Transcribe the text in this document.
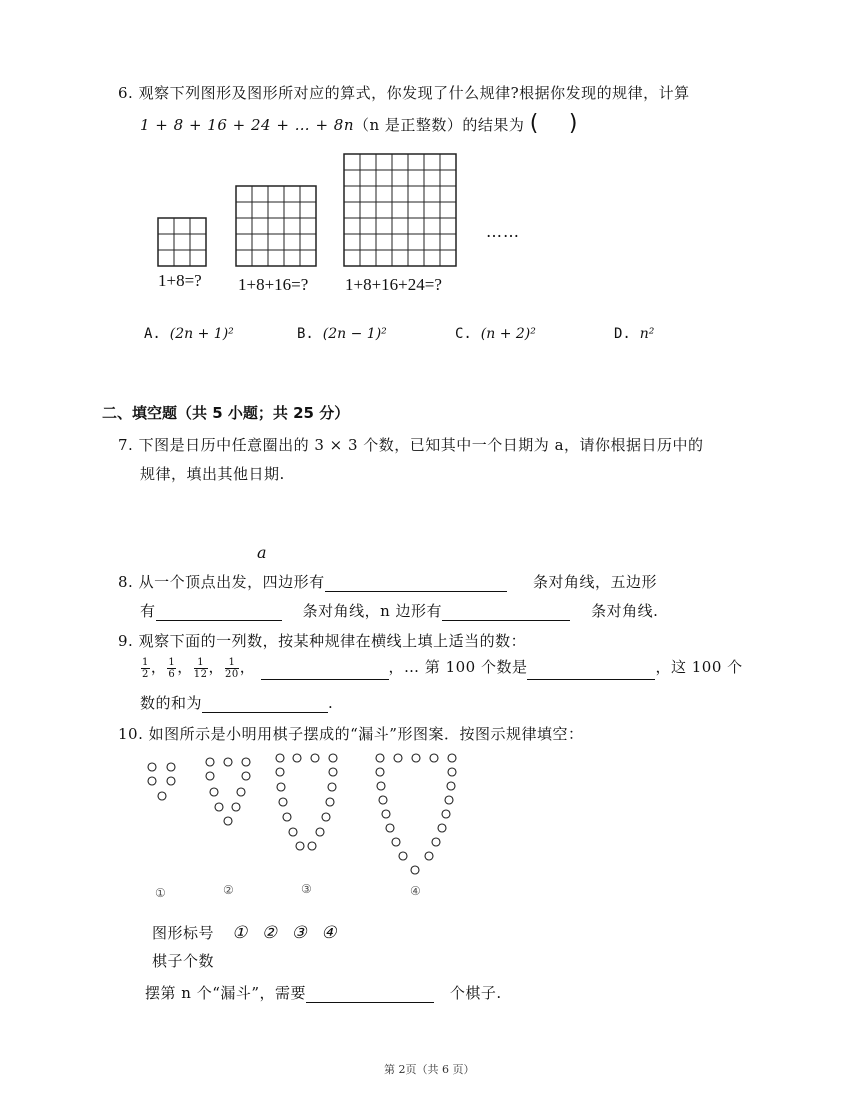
6. 观察下列图形及图形所对应的算式，你发现了什么规律?根据你发现的规律，计算
1 + 8 + 16 + 24 + … + 8n（n 是正整数）的结果为 ( )
……
1+8=? 1+8+16=? 1+8+16+24=?
A. (2n + 1)²	B. (2n − 1)²	C. (n + 2)²	D. n²
二、填空题（共 5 小题；共 25 分）
7. 下图是日历中任意圈出的 3 × 3 个数，已知其中一个日期为 a，请你根据日历中的
规律，填出其他日期.
a
8. 从一个顶点出发，四边形有	条对角线，五边形
有	条对角线，n 边形有	条对角线.
9. 观察下面的一列数，按某种规律在横线上填上适当的数：
$\frac{1}{2}$ ， $\frac{1}{6}$ ， $\frac{1}{12}$ ， $\frac{1}{20}$ ，	，… 第 100 个数是	，这 100 个
数的和为	.
10. 如图所示是小明用棋子摆成的“漏斗”形图案．按图示规律填空：
①	②	③	④
图形标号 ① ② ③ ④
棋子个数
摆第 n 个“漏斗”，需要	个棋子.
第 2页（共 6 页）
